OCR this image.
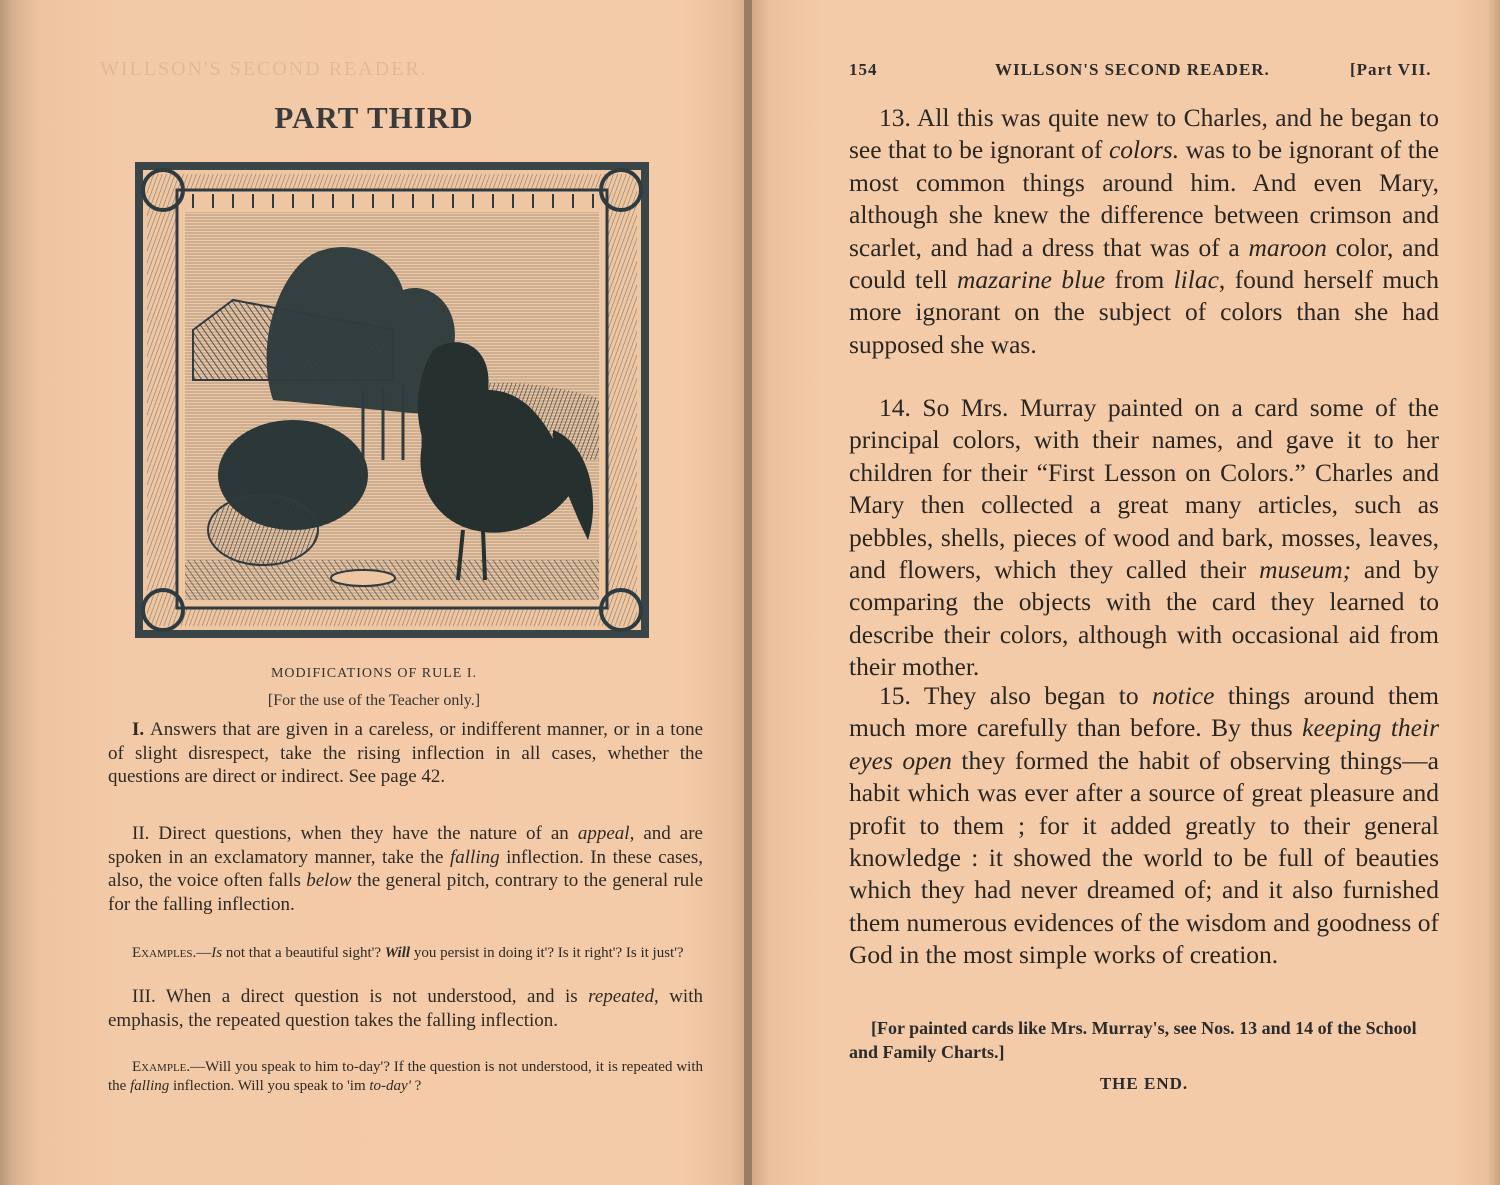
WILLSON'S SECOND READER.
PART THIRD
MODIFICATIONS OF RULE I.
[For the use of the Teacher only.]

I. Answers that are given in a careless, or indifferent manner, or in a tone of slight disrespect, take the rising inflection in all cases, whether the questions are direct or indirect. See page 42.

II. Direct questions, when they have the nature of an appeal, and are spoken in an exclamatory manner, take the falling inflection. In these cases, also, the voice often falls below the general pitch, contrary to the general rule for the falling inflection.

Examples.—Is not that a beautiful sight'? Will you persist in doing it'? Is it right'? Is it just'?

III. When a direct question is not understood, and is repeated, with emphasis, the repeated question takes the falling inflection.

Example.—Will you speak to him to-day'? If the question is not understood, it is repeated with the falling inflection. Will you speak to 'im to-day' ?

154	WILLSON'S SECOND READER.	[Part VII.

13. All this was quite new to Charles, and he began to see that to be ignorant of colors. was to be ignorant of the most common things around him. And even Mary, although she knew the difference between crimson and scarlet, and had a dress that was of a maroon color, and could tell mazarine blue from lilac, found herself much more ignorant on the subject of colors than she had supposed she was.

14. So Mrs. Murray painted on a card some of the principal colors, with their names, and gave it to her children for their “First Lesson on Colors.” Charles and Mary then collected a great many articles, such as pebbles, shells, pieces of wood and bark, mosses, leaves, and flowers, which they called their museum; and by comparing the objects with the card they learned to describe their colors, although with occasional aid from their mother.

15. They also began to notice things around them much more carefully than before. By thus keeping their eyes open they formed the habit of observing things—a habit which was ever after a source of great pleasure and profit to them ; for it added greatly to their general knowledge : it showed the world to be full of beauties which they had never dreamed of; and it also furnished them numerous evidences of the wisdom and goodness of God in the most simple works of creation.

[For painted cards like Mrs. Murray's, see Nos. 13 and 14 of the School and Family Charts.]

THE END.
